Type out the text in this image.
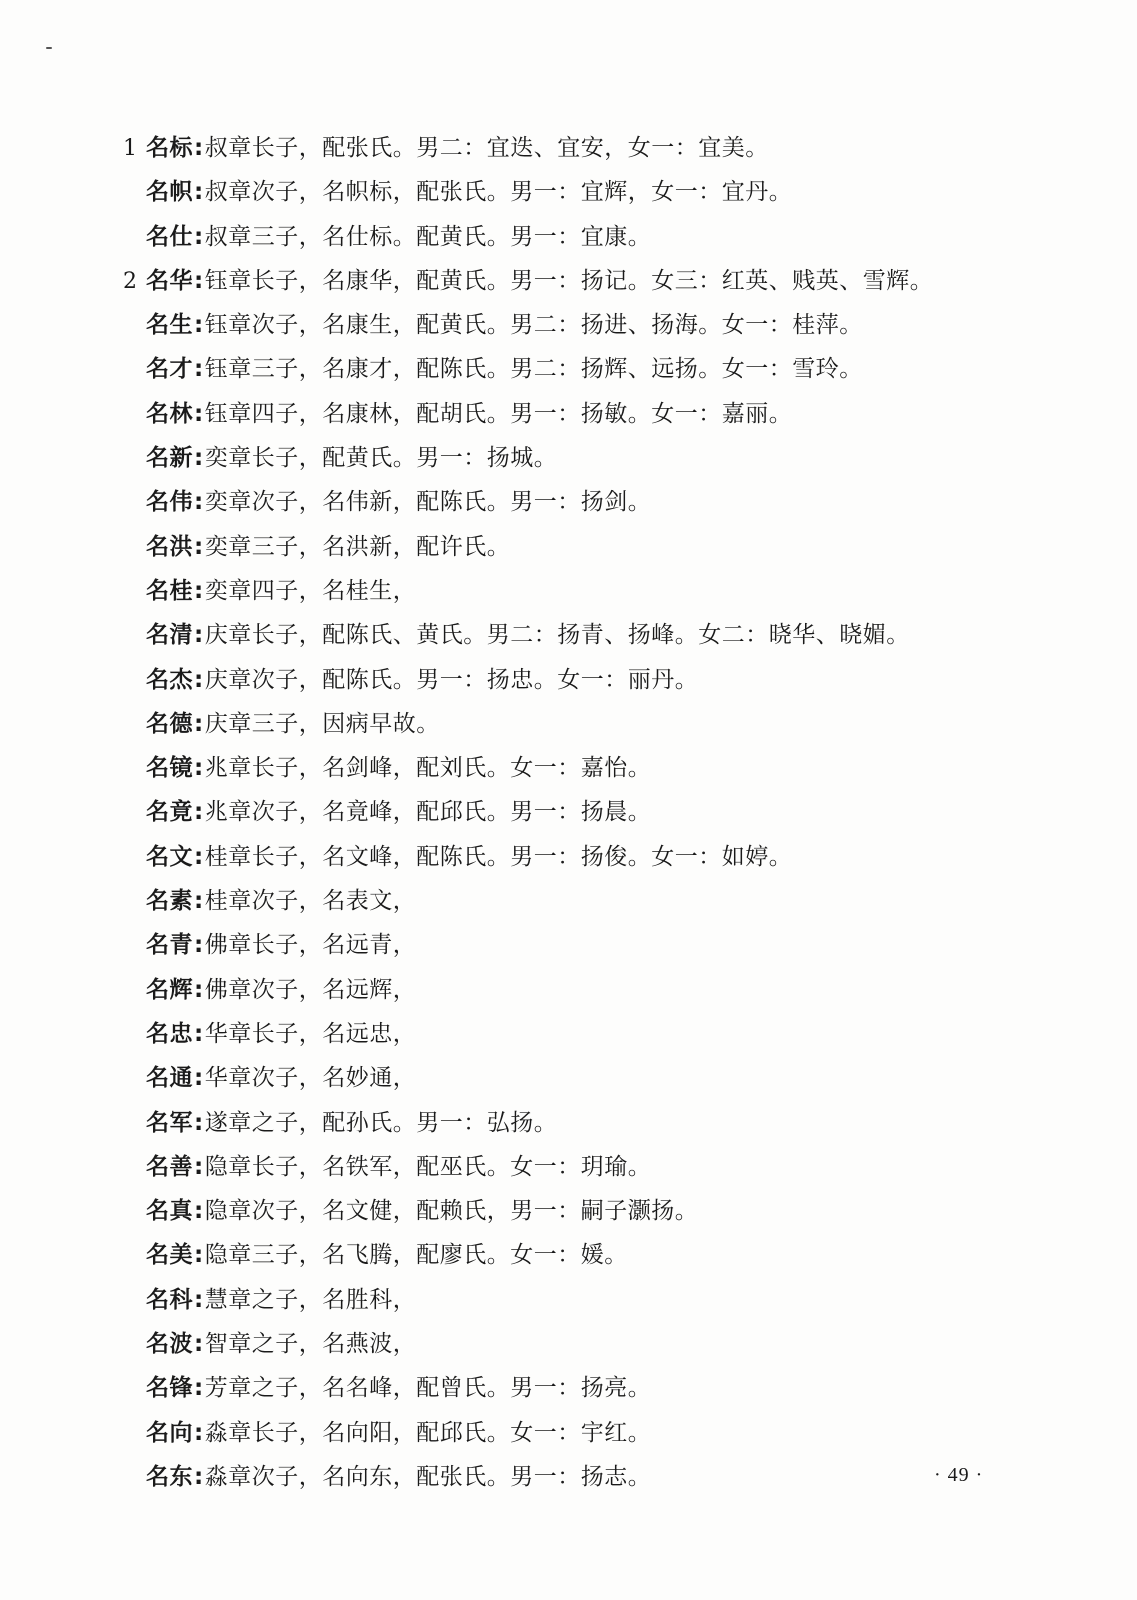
1 名标:叔章长子，配张氏。男二：宜迭、宜安，女一：宜美。
名帜:叔章次子，名帜标，配张氏。男一：宜辉，女一：宜丹。
名仕:叔章三子，名仕标。配黄氏。男一：宜康。
2 名华:钰章长子，名康华，配黄氏。男一：扬记。女三：红英、贱英、雪辉。
名生:钰章次子，名康生，配黄氏。男二：扬进、扬海。女一：桂萍。
名才:钰章三子，名康才，配陈氏。男二：扬辉、远扬。女一：雪玲。
名林:钰章四子，名康林，配胡氏。男一：扬敏。女一：嘉丽。
名新:奕章长子，配黄氏。男一：扬城。
名伟:奕章次子，名伟新，配陈氏。男一：扬剑。
名洪:奕章三子，名洪新，配许氏。
名桂:奕章四子，名桂生，
名清:庆章长子，配陈氏、黄氏。男二：扬青、扬峰。女二：晓华、晓媚。
名杰:庆章次子，配陈氏。男一：扬忠。女一：丽丹。
名德:庆章三子，因病早故。
名镜:兆章长子，名剑峰，配刘氏。女一：嘉怡。
名竟:兆章次子，名竟峰，配邱氏。男一：扬晨。
名文:桂章长子，名文峰，配陈氏。男一：扬俊。女一：如婷。
名素:桂章次子，名表文，
名青:佛章长子，名远青，
名辉:佛章次子，名远辉，
名忠:华章长子，名远忠，
名通:华章次子，名妙通，
名军:遂章之子，配孙氏。男一：弘扬。
名善:隐章长子，名铁军，配巫氏。女一：玥瑜。
名真:隐章次子，名文健，配赖氏，男一：嗣子灏扬。
名美:隐章三子，名飞腾，配廖氏。女一：媛。
名科:慧章之子，名胜科，
名波:智章之子，名燕波，
名锋:芳章之子，名名峰，配曾氏。男一：扬亮。
名向:淼章长子，名向阳，配邱氏。女一：宇红。
名东:淼章次子，名向东，配张氏。男一：扬志。	· 49 ·
